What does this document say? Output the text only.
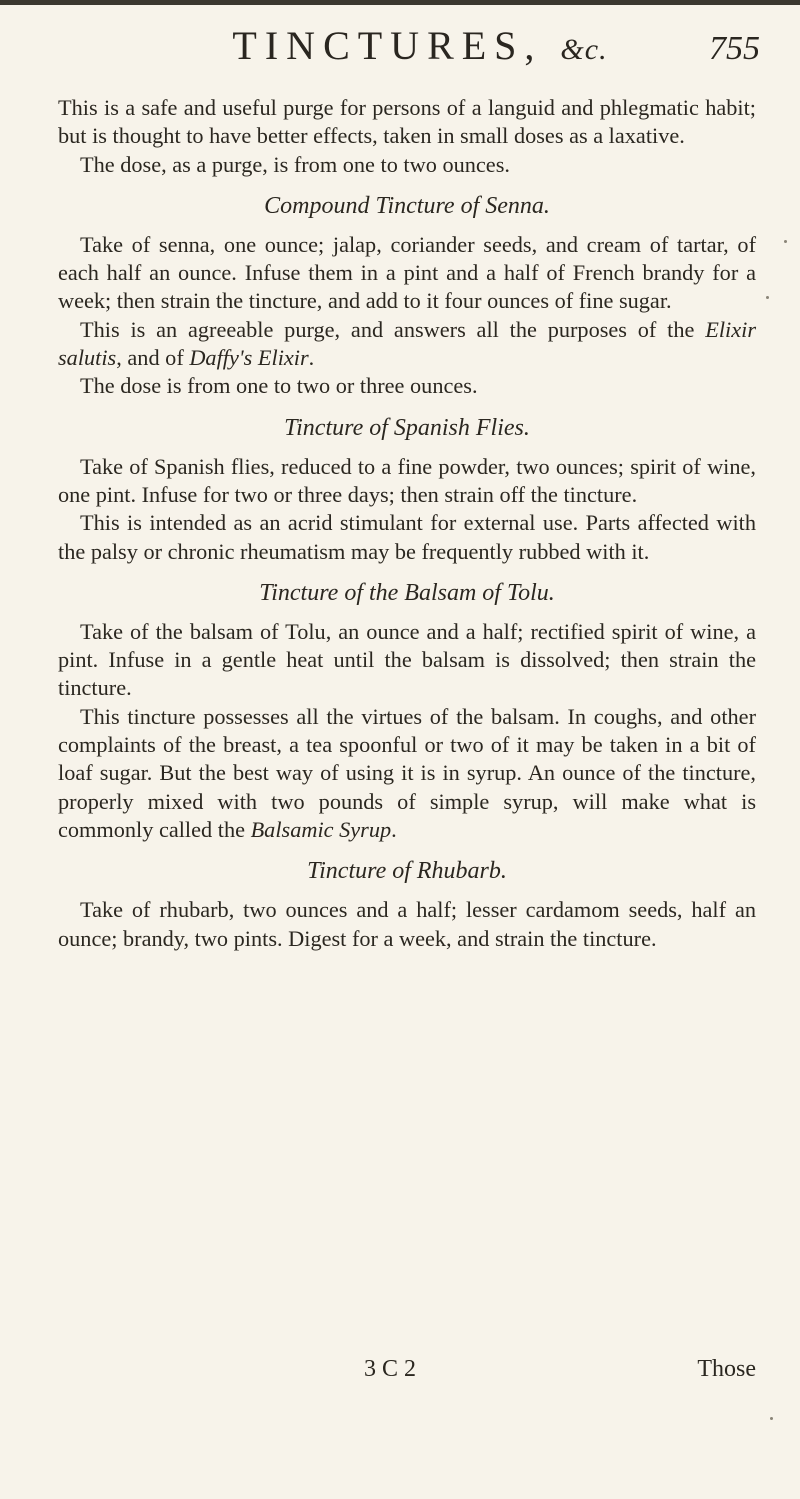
TINCTURES, &c.	755

This is a safe and useful purge for persons of a languid and phlegmatic habit; but is thought to have better effects, taken in small doses as a laxative.

The dose, as a purge, is from one to two ounces.

Compound Tincture of Senna.

Take of senna, one ounce; jalap, coriander seeds, and cream of tartar, of each half an ounce. Infuse them in a pint and a half of French brandy for a week; then strain the tincture, and add to it four ounces of fine sugar.

This is an agreeable purge, and answers all the purposes of the Elixir salutis, and of Daffy's Elixir.

The dose is from one to two or three ounces.

Tincture of Spanish Flies.

Take of Spanish flies, reduced to a fine powder, two ounces; spirit of wine, one pint. Infuse for two or three days; then strain off the tincture.

This is intended as an acrid stimulant for external use. Parts affected with the palsy or chronic rheumatism may be frequently rubbed with it.

Tincture of the Balsam of Tolu.

Take of the balsam of Tolu, an ounce and a half; rectified spirit of wine, a pint. Infuse in a gentle heat until the balsam is dissolved; then strain the tincture.

This tincture possesses all the virtues of the balsam. In coughs, and other complaints of the breast, a tea spoonful or two of it may be taken in a bit of loaf sugar. But the best way of using it is in syrup. An ounce of the tincture, properly mixed with two pounds of simple syrup, will make what is commonly called the Balsamic Syrup.

Tincture of Rhubarb.

Take of rhubarb, two ounces and a half; lesser cardamom seeds, half an ounce; brandy, two pints. Digest for a week, and strain the tincture.

3 C 2	Those
